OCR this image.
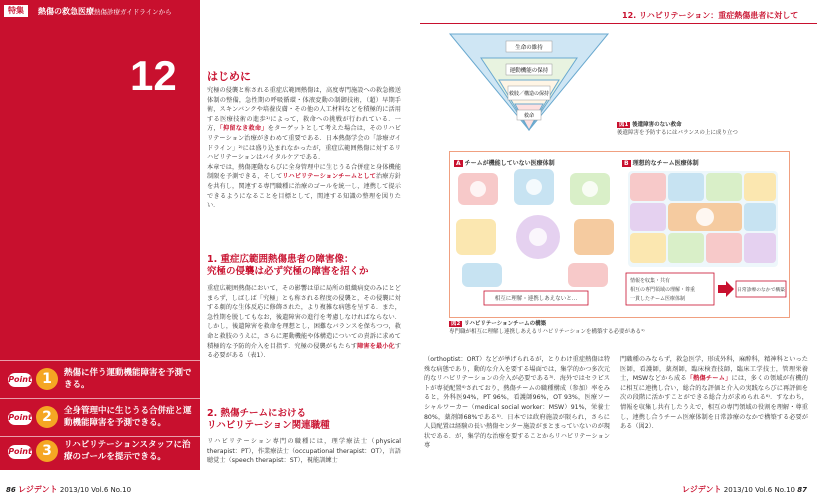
特集	熱傷の救急医療 熱傷診療ガイドラインから
12
Point 1	熱傷に伴う運動機能障害を予測できる。
Point 2	全身管理中に生じうる合併症と運動機能障害を予測できる。
Point 3	リハビリテーションスタッフに治療のゴールを提示できる。
86 レジデント 2013/10 Vol.6 No.10
はじめに
究極の侵襲と称される重症広範囲熱傷は，高度専門施設への救急搬送体制の整備，急性期の呼吸循環・体液変動の制御技術，（超）早期手術，スキンバンクや培養皮膚・その他の人工材料などを積極的に活用する医療技術の進歩¹⁾によって，救命への挑戦が行われている．一方，「抑留なき救命」をターゲットとして考えた場合は，そのリハビリテーション治療がきわめて重要である．日本熱傷学会の「診療ガイドライン」²⁾には盛り込まれなかったが，重症広範囲熱傷に対するリハビリテーションはバイタルケアである．
本章では，熱傷運動ならびに全身管理中に生じうる合併症と身体機能制限を予測できる，そしてリハビリテーションチームとして治療方針を共有し，関連する専門職種に治療のゴールを統一し，連携して提示できるようになることを目標として，関連する知識の整理を図りたい．
1. 重症広範囲熱傷患者の障害像：
究極の侵襲は必ず究極の障害を招くか
重症広範囲熱傷において，その影響は単に局所の組織病変のみにとどまらず，しばしば「究極」とも称される程度の侵襲と，その侵襲に対する劇的な生体反応に修飾された，より複雑な病態を呈する．また，急性期を脱してもなお，後遺障害の進行を考慮しなければならない．しかし，後遺障害を救命を理想とし，困難なバランスを保ちつつ，救命と救肢のうえに，さらに運動機能や体構造についての責訴に求めて積極的な予防的介入を目指す．究極の侵襲がもたらす障害を最小化する必要がある（表1）．
2. 熱傷チームにおける
リハビリテーション関連職種
リハビリテーション専門の職種には，理学療法士（physical therapist：PT），作業療法士（occupational therapist：OT），言語聴覚士（speech therapist：ST），視能訓練士
12. リハビリテーション：重症熱傷患者に対して
生命の維持
運動機能の保持
救肢／構造の保持
救命
図1 後遺障害のない救命
後遺障害を予防するにはバランスの上に成り立つ
A チームが機能していない医療体制
相互に理解・連携しあえないと…
B 理想的なチーム医療体制
情報を収集・共有
相互の専門領域の理解・尊重
一貫したチーム医療体制
日常診療のなかで構築
図2 リハビリテーションチームの構築
専門職が相互に理解し連携しあえるリハビリテーションを構築する必要がある¹⁾
（orthoptist：ORT）などが挙げられるが，とりわけ重症熱傷は特殊な病態であり，動的な介入を要する場面では，集学的かつ多次元的なリハビリテーションの介入が必要である³⁾．海外ではセラピストが専従配置⁴⁾されており，熱傷チームの職種構成（参加）率をみると，外科医94%，PT 96%，看護師96%，OT 93%，医療ソーシャルワーカー（medical social worker：MSW）91%，栄養士80%，薬剤師68%である⁵⁾．日本では政府施設が限られ，さらに人員配置は経験の長い熱傷センター施設がまとまっていないのが現状である．が，集学的な治療を要することからリハビリテーション専
門職種のみならず，救急医学，形成外科，麻酔科，精神科といった医師，看護師，薬剤師，臨床検査技師，臨床工学技士，管理栄養士，MSWなどから成る「熱傷チーム」には，多くの領域が有機的に相互に連携し合い，総合的な評価と介入の実践ならびに再評価を次の段階に活かすことができる総合力が求められる⁶⁾．すなわち，情報を収集し共有したうえで，相互の専門領域の役割を理解・尊重し，連携し合うチーム医療体制を日常診療のなかで構築する必要がある（図2）．
レジデント 2013/10 Vol.6 No.10 87
